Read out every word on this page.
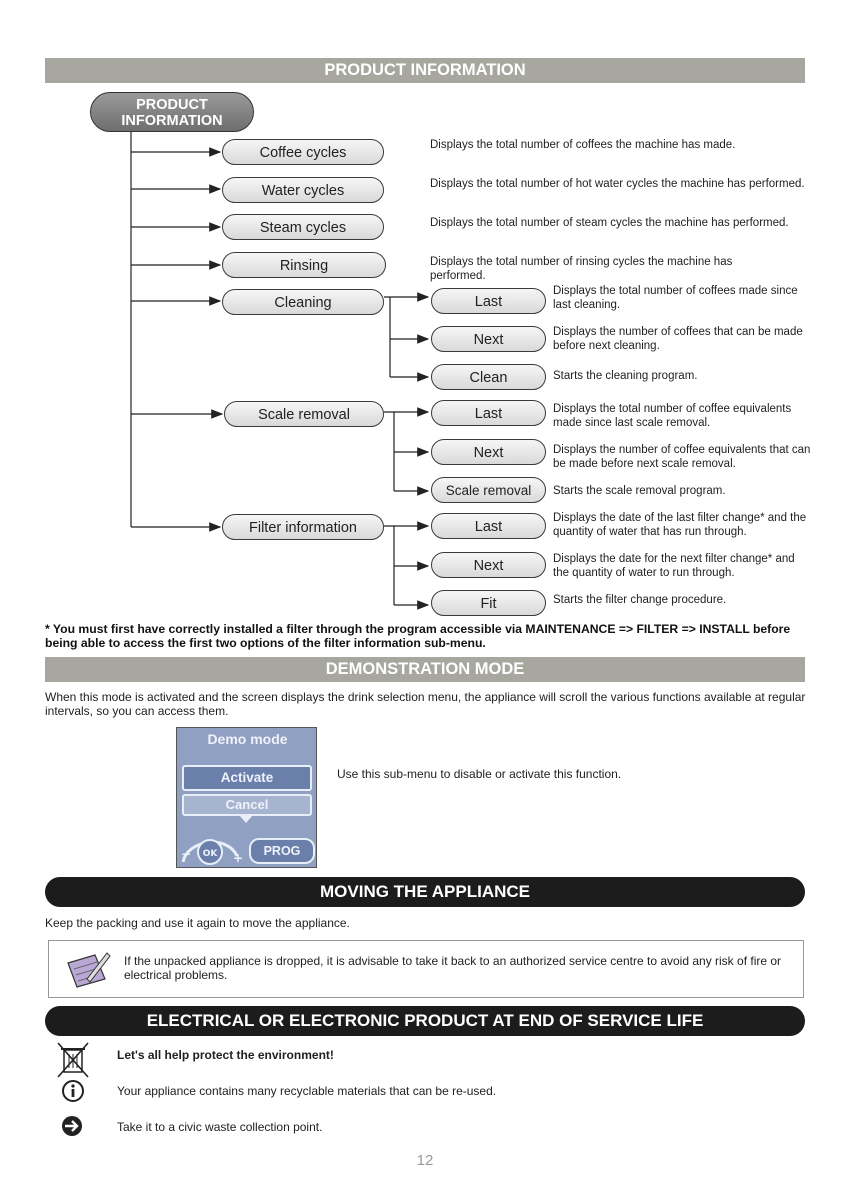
PRODUCT INFORMATION
PRODUCT
INFORMATION
Coffee cycles
Water cycles
Steam cycles
Rinsing
Cleaning
Scale removal
Filter information
Displays the total number of coffees the machine has made.
Displays the total number of hot water cycles the machine has performed.
Displays the total number of steam cycles the machine has performed.
Displays the total number of rinsing cycles the machine has performed.
Last
Next
Clean
Displays the total number of coffees made since last cleaning.
Displays the number of coffees that can be made before next cleaning.
Starts the cleaning program.
Last
Next
Scale removal
Displays the total number of coffee equivalents made since last scale removal.
Displays the number of coffee equivalents that can be made before next scale removal.
Starts the scale removal program.
Last
Next
Fit
Displays the date of the last filter change* and the quantity of water that has run through.
Displays the date for the next filter change* and the quantity of water to run through.
Starts the filter change procedure.
* You must first have correctly installed a filter through the program accessible via MAINTENANCE => FILTER => INSTALL before being able to access the first two options of the filter information sub-menu.
DEMONSTRATION MODE
When this mode is activated and the screen displays the drink selection menu, the appliance will scroll the various functions available at regular intervals, so you can access them.
Demo mode
Activate
Cancel
OK
−	+	PROG
Use this sub-menu to disable or activate this function.
MOVING THE APPLIANCE
Keep the packing and use it again to move the appliance.
If the unpacked appliance is dropped, it is advisable to take it back to an authorized service centre to avoid any risk of fire or electrical problems.
ELECTRICAL OR ELECTRONIC PRODUCT AT END OF SERVICE LIFE
Let's all help protect the environment!
Your appliance contains many recyclable materials that can be re-used.
Take it to a civic waste collection point.
12
